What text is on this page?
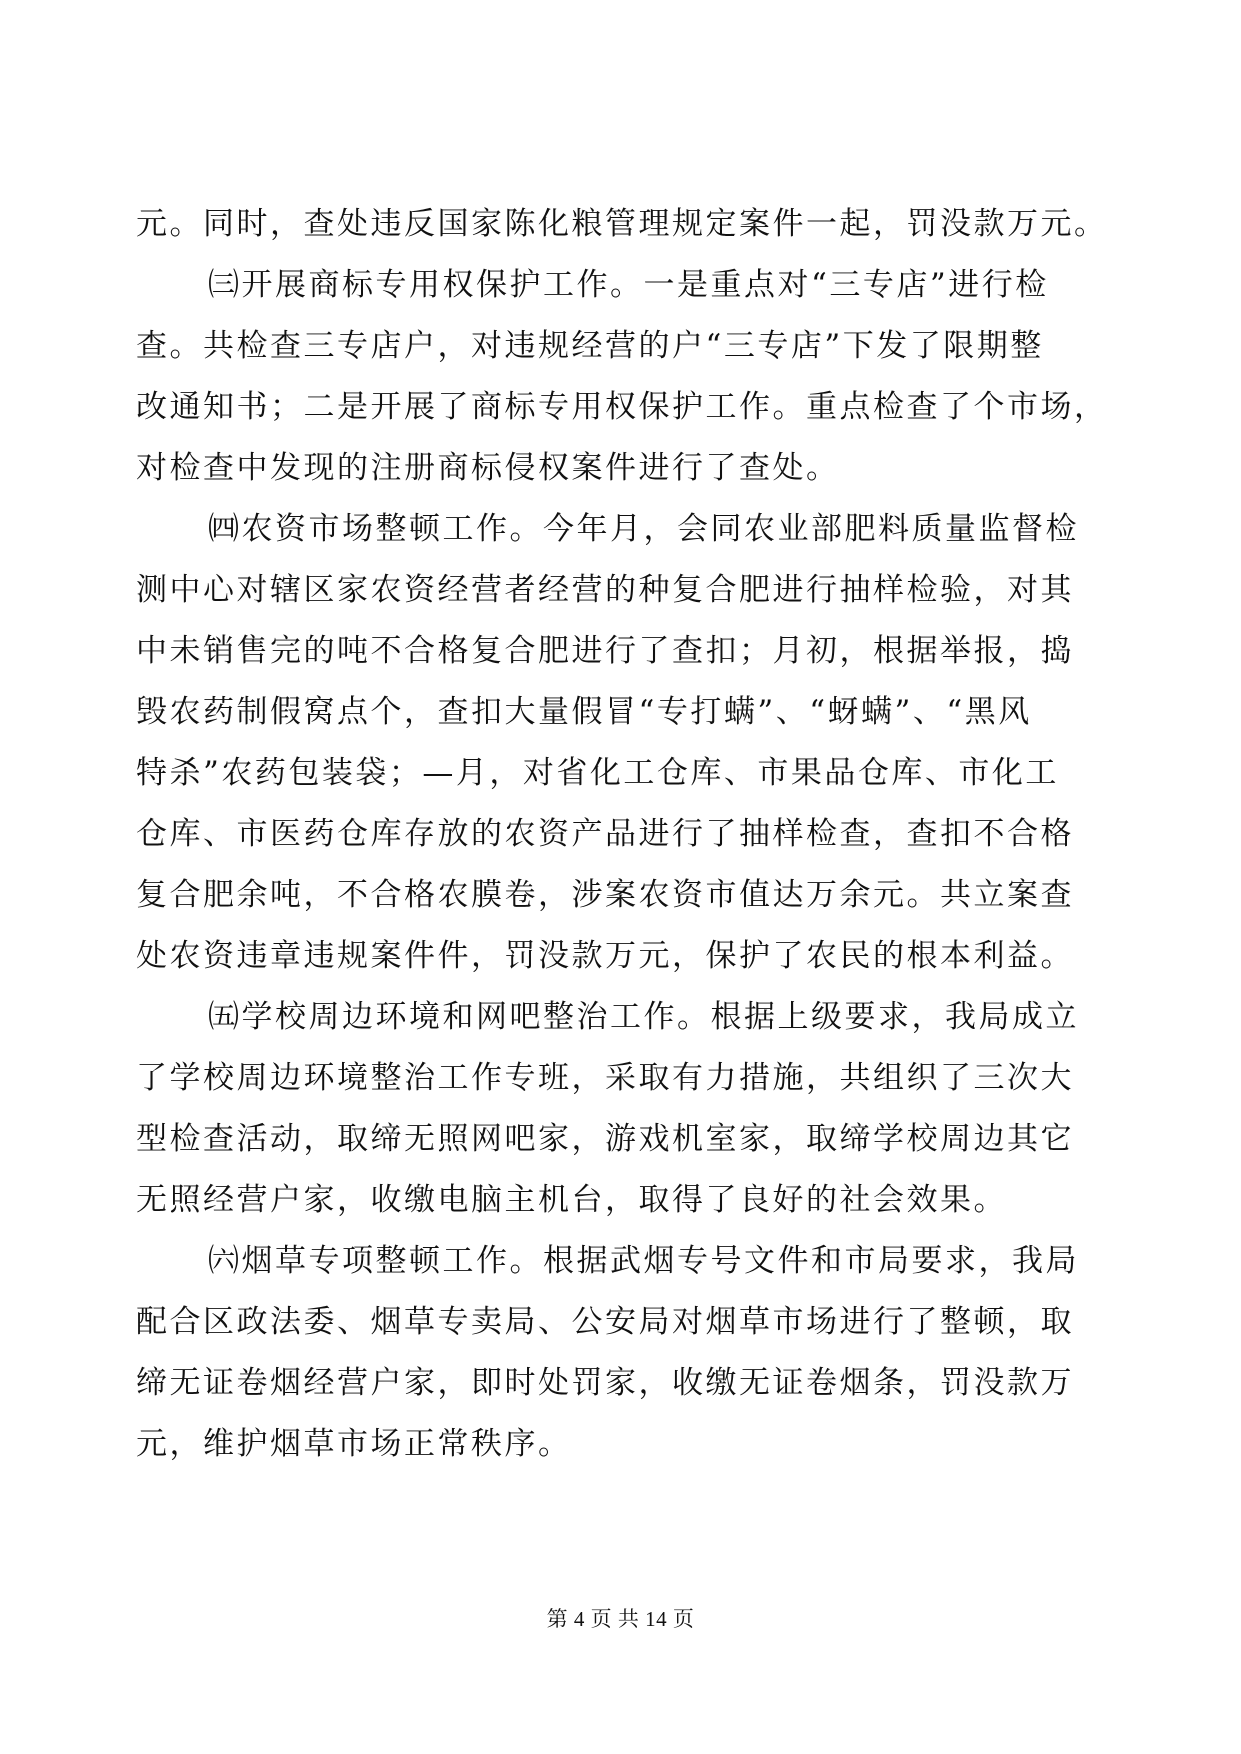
元。同时，查处违反国家陈化粮管理规定案件一起，罚没款万元。
㈢开展商标专用权保护工作。一是重点对“三专店”进行检
查。共检查三专店户，对违规经营的户“三专店”下发了限期整
改通知书；二是开展了商标专用权保护工作。重点检查了个市场，
对检查中发现的注册商标侵权案件进行了查处。
㈣农资市场整顿工作。今年月，会同农业部肥料质量监督检
测中心对辖区家农资经营者经营的种复合肥进行抽样检验，对其
中未销售完的吨不合格复合肥进行了查扣；月初，根据举报，捣
毁农药制假窝点个，查扣大量假冒“专打螨”、“蚜螨”、“黑风
特杀”农药包装袋；—月，对省化工仓库、市果品仓库、市化工
仓库、市医药仓库存放的农资产品进行了抽样检查，查扣不合格
复合肥余吨，不合格农膜卷，涉案农资市值达万余元。共立案查
处农资违章违规案件件，罚没款万元，保护了农民的根本利益。
㈤学校周边环境和网吧整治工作。根据上级要求，我局成立
了学校周边环境整治工作专班，采取有力措施，共组织了三次大
型检查活动，取缔无照网吧家，游戏机室家，取缔学校周边其它
无照经营户家，收缴电脑主机台，取得了良好的社会效果。
㈥烟草专项整顿工作。根据武烟专号文件和市局要求，我局
配合区政法委、烟草专卖局、公安局对烟草市场进行了整顿，取
缔无证卷烟经营户家，即时处罚家，收缴无证卷烟条，罚没款万
元，维护烟草市场正常秩序。
第 4 页 共 14 页
